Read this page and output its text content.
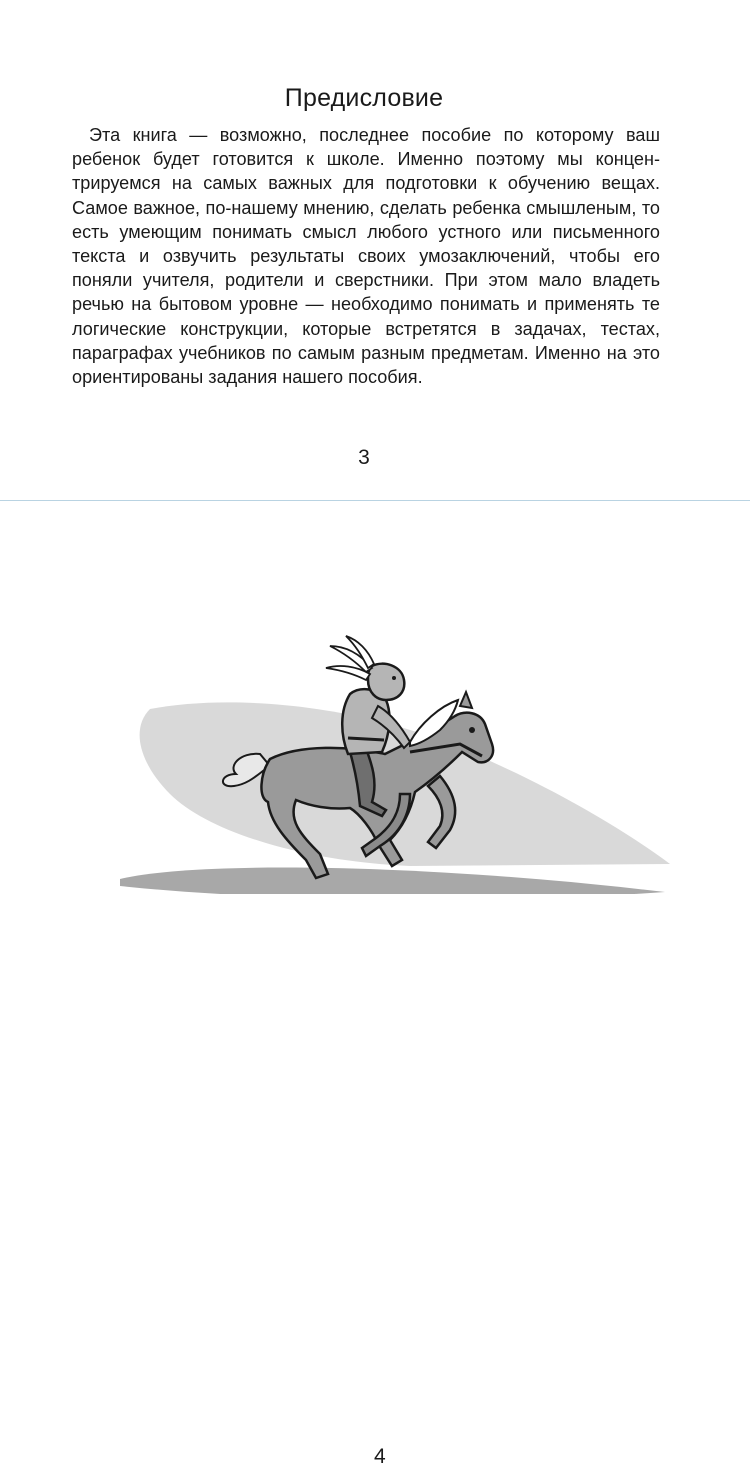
Предисловие

Эта книга — возможно, последнее пособие по которому ваш ребенок будет готовится к школе. Именно поэтому мы концентрируемся на самых важных для подготовки к обучению вещах. Самое важное, по-нашему мнению, сделать ребенка смышленым, то есть умеющим понимать смысл любого устного или письменного текста и озвучить результаты своих умозаключений, чтобы его поняли учителя, родители и сверстники. При этом мало владеть речью на бытовом уровне — необходимо понимать и применять те логические конструкции, которые встретятся в задачах, тестах, параграфах учебников по самым разным предметам. Именно на это ориентированы задания нашего пособия.

3
4
